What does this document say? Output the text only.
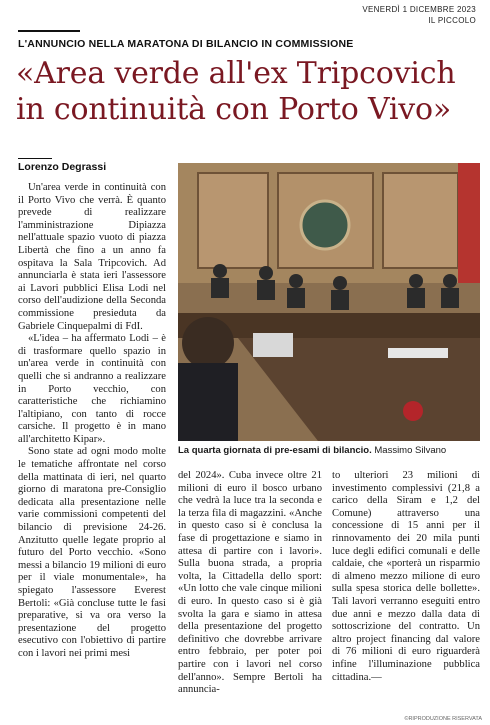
VENERDÌ 1 DICEMBRE 2023
IL PICCOLO
L'ANNUNCIO NELLA MARATONA DI BILANCIO IN COMMISSIONE
«Area verde all'ex Tripcovich
in continuità con Porto Vivo»
Lorenzo Degrassi

Un'area verde in continuità con il Porto Vivo che verrà. È quanto prevede di realizzare l'amministrazione Dipiazza nell'attuale spazio vuoto di piazza Libertà che fino a un anno fa ospitava la Sala Tripcovich. Ad annunciarla è stata ieri l'assessore ai Lavori pubblici Elisa Lodi nel corso dell'audizione della Seconda commissione presieduta da Gabriele Cinquepalmi di FdI.

«L'idea – ha affermato Lodi – è di trasformare quello spazio in un'area verde in continuità con quelli che si andranno a realizzare in Porto vecchio, con caratteristiche che richiamino l'altipiano, con tanto di rocce carsiche. Il progetto è in mano all'architetto Kipar».

Sono state ad ogni modo molte le tematiche affrontate nel corso della mattinata di ieri, nel quarto giorno di maratona pre-Consiglio dedicata alla presentazione nelle varie commissioni competenti del bilancio di previsione 24-26. Anzitutto quelle legate proprio al futuro del Porto vecchio. «Sono messi a bilancio 19 milioni di euro per il viale monumentale», ha spiegato l'assessore Everest Bertoli: «Già concluse tutte le fasi preparative, si va ora verso la presentazione del progetto esecutivo con l'obiettivo di partire con i lavori nei primi mesi

La quarta giornata di pre-esami di bilancio. Massimo Silvano

del 2024». Cuba invece oltre 21 milioni di euro il bosco urbano che vedrà la luce tra la seconda e la terza fila di magazzini. «Anche in questo caso si è conclusa la fase di progettazione e siamo in attesa di partire con i lavori». Sulla buona strada, a propria volta, la Cittadella dello sport: «Un lotto che vale cinque milioni di euro. In questo caso si è già svolta la gara e siamo in attesa della presentazione del progetto definitivo che dovrebbe arrivare entro febbraio, per poter poi partire con i lavori nel corso dell'anno». Sempre Bertoli ha annuncia-

to ulteriori 23 milioni di investimento complessivi (21,8 a carico della Siram e 1,2 del Comune) attraverso una concessione di 15 anni per il rinnovamento dei 20 mila punti luce degli edifici comunali e delle caldaie, che «porterà un risparmio di almeno mezzo milione di euro sulla spesa storica delle bollette». Tali lavori verranno eseguiti entro due anni e mezzo dalla data di sottoscrizione del contratto. Un altro project financing dal valore di 76 milioni di euro riguarderà infine l'illuminazione pubblica cittadina.—

©RIPRODUZIONE RISERVATA
